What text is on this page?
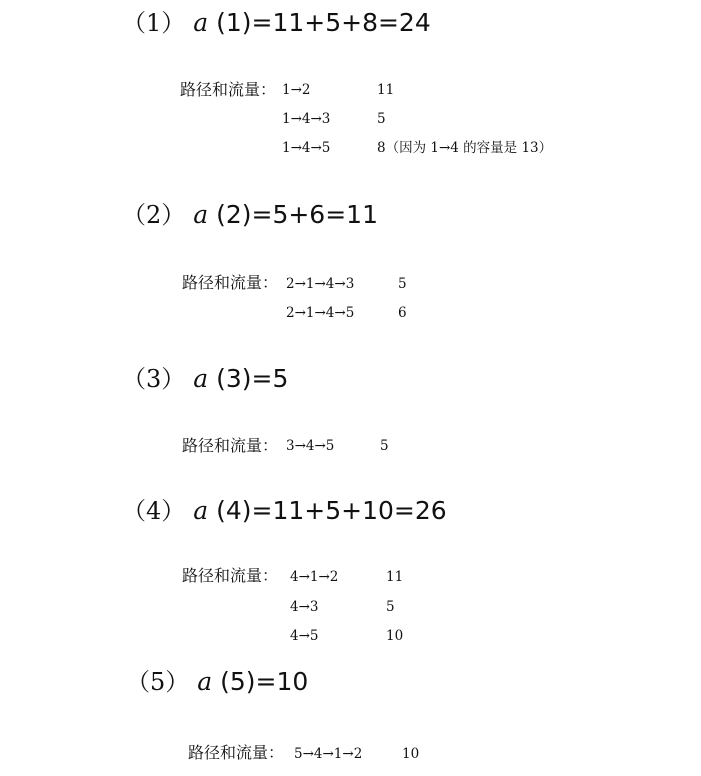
（1） a (1)=11+5+8=24
路径和流量： 1→2	11
1→4→3	5
1→4→5	8（因为 1→4 的容量是 13）
（2） a (2)=5+6=11
路径和流量： 2→1→4→3	5
2→1→4→5	6
（3） a (3)=5
路径和流量： 3→4→5	5
（4） a (4)=11+5+10=26
路径和流量： 4→1→2	11
4→3	5
4→5	10
（5） a (5)=10
路径和流量： 5→4→1→2	10
